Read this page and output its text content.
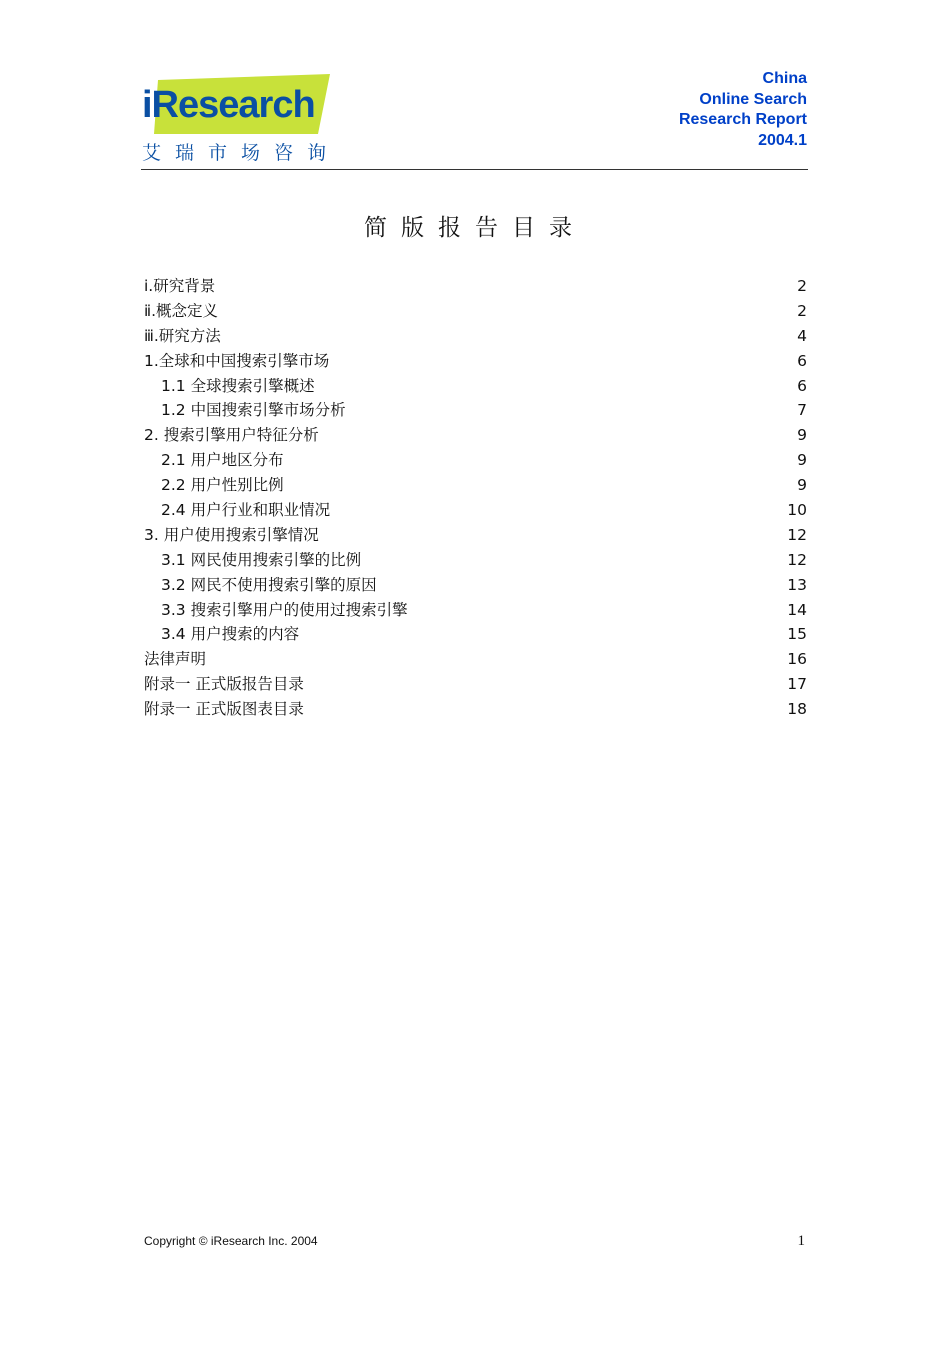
iResearch
艾瑞市场咨询
China
Online Search
Research Report
2004.1
简版报告目录
ⅰ.研究背景	2
ⅱ.概念定义	2
ⅲ.研究方法	4
1.全球和中国搜索引擎市场	6
1.1 全球搜索引擎概述	6
1.2 中国搜索引擎市场分析	7
2. 搜索引擎用户特征分析	9
2.1 用户地区分布	9
2.2 用户性别比例	9
2.4 用户行业和职业情况	10
3. 用户使用搜索引擎情况	12
3.1 网民使用搜索引擎的比例	12
3.2 网民不使用搜索引擎的原因	13
3.3 搜索引擎用户的使用过搜索引擎	14
3.4 用户搜索的内容	15
法律声明	16
附录一 正式版报告目录	17
附录一 正式版图表目录	18
Copyright © iResearch Inc. 2004	1
